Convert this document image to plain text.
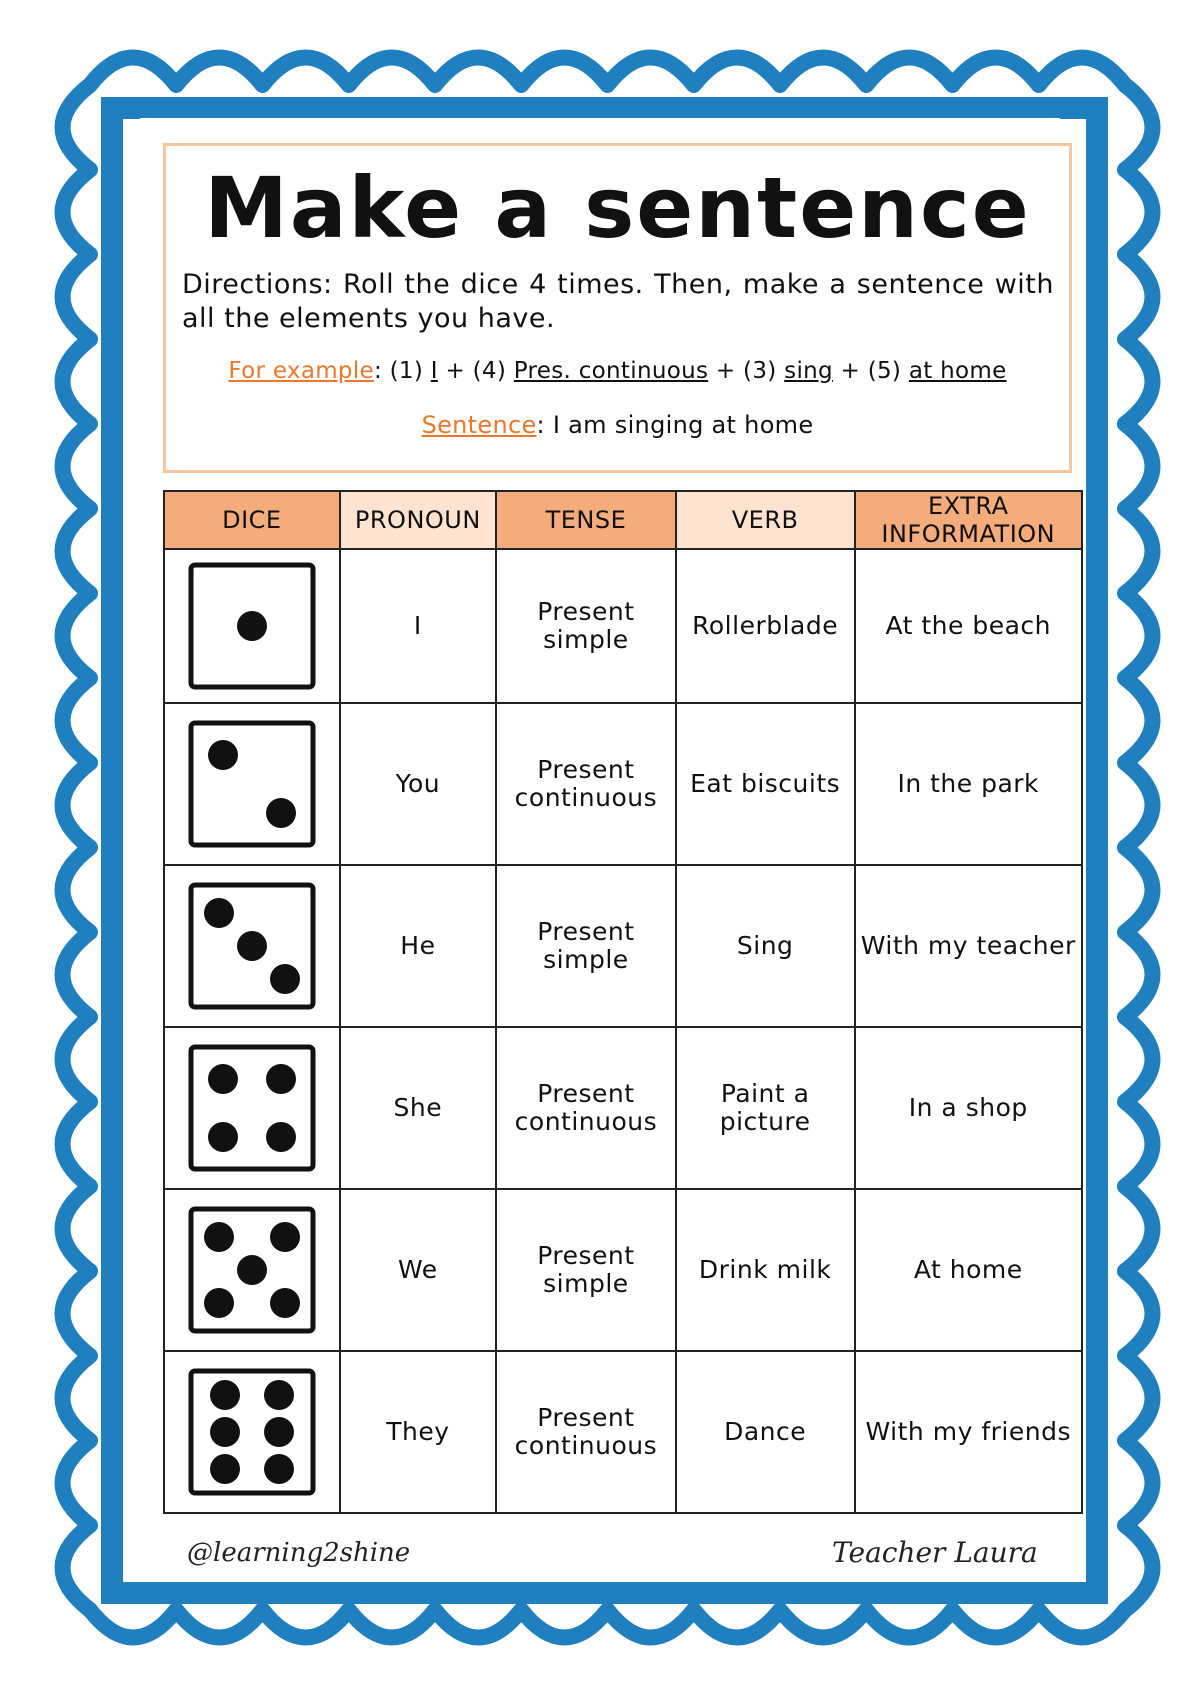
Make a sentence
Directions: Roll the dice 4 times. Then, make a sentence with all the elements you have.
For example: (1) I + (4) Pres. continuous + (3) sing + (5) at home
Sentence: I am singing at home
DICE	PRONOUN	TENSE	VERB	EXTRA INFORMATION
	I	Present simple	Rollerblade	At the beach
	You	Present continuous	Eat biscuits	In the park
	He	Present simple	Sing	With my teacher
	She	Present continuous	Paint a picture	In a shop
	We	Present simple	Drink milk	At home
	They	Present continuous	Dance	With my friends
@learning2shine	Teacher Laura
